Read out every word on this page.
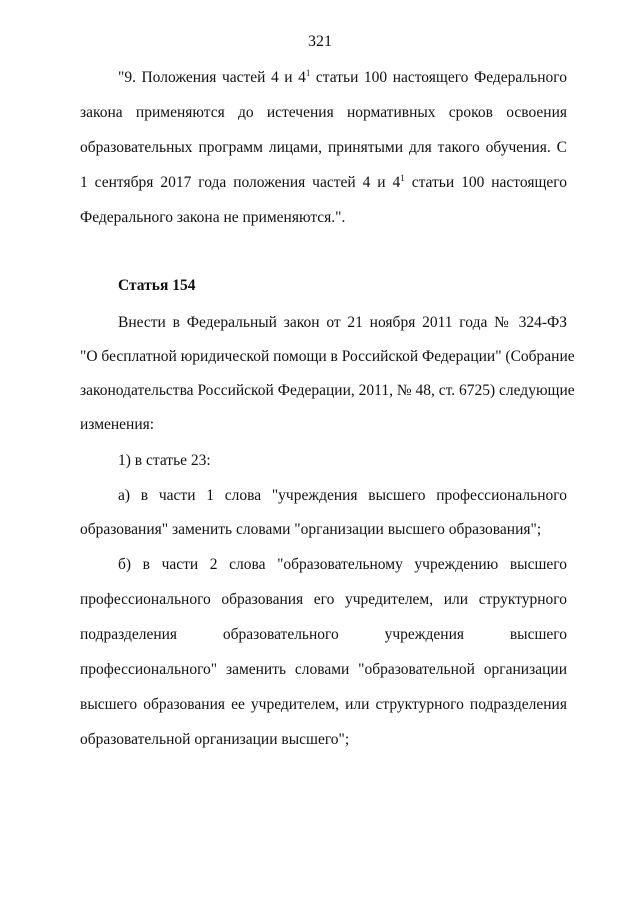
321
"9. Положения частей 4 и $4^1$ статьи 100 настоящего Федерального
закона применяются до истечения нормативных сроков освоения
образовательных программ лицами, принятыми для такого обучения. С
1 сентября 2017 года положения частей 4 и $4^1$ статьи 100 настоящего
Федерального закона не применяются.".
Статья 154
Внести в Федеральный закон от 21 ноября 2011 года № 324-ФЗ
"О бесплатной юридической помощи в Российской Федерации" (Собрание
законодательства Российской Федерации, 2011, № 48, ст. 6725) следующие
изменения:
1) в статье 23:
а) в части 1 слова "учреждения высшего профессионального
образования" заменить словами "организации высшего образования";
б) в части 2 слова "образовательному учреждению высшего
профессионального образования его учредителем, или структурного
подразделения образовательного учреждения высшего
профессионального" заменить словами "образовательной организации
высшего образования ее учредителем, или структурного подразделения
образовательной организации высшего";
